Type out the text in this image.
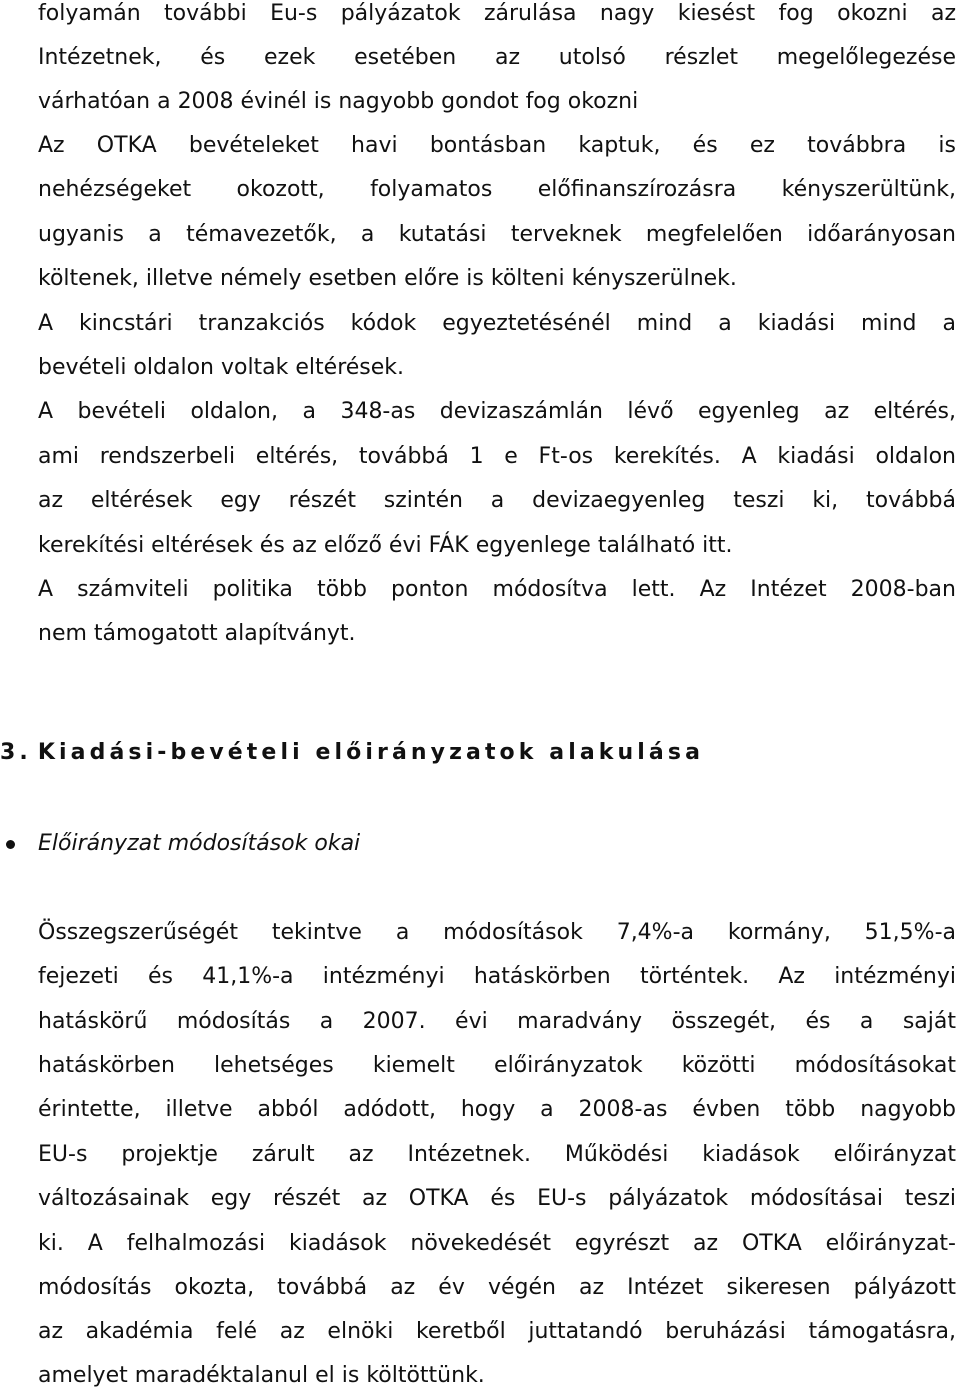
folyamán további Eu-s pályázatok zárulása nagy kiesést fog okozni az
Intézetnek, és ezek esetében az utolsó részlet megelőlegezése
várhatóan a 2008 évinél is nagyobb gondot fog okozni
Az OTKA bevételeket havi bontásban kaptuk, és ez továbbra is
nehézségeket okozott, folyamatos előfinanszírozásra kényszerültünk,
ugyanis a témavezetők, a kutatási terveknek megfelelően időarányosan
költenek, illetve némely esetben előre is költeni kényszerülnek.
A kincstári tranzakciós kódok egyeztetésénél mind a kiadási mind a
bevételi oldalon voltak eltérések.
A bevételi oldalon, a 348-as devizaszámlán lévő egyenleg az eltérés,
ami rendszerbeli eltérés, továbbá 1 e Ft-os kerekítés. A kiadási oldalon
az eltérések egy részét szintén a devizaegyenleg teszi ki, továbbá
kerekítési eltérések és az előző évi FÁK egyenlege található itt.
A számviteli politika több ponton módosítva lett. Az Intézet 2008-ban
nem támogatott alapítványt.
3. Kiadási-bevételi előirányzatok alakulása
Előirányzat módosítások okai
Összegszerűségét tekintve a módosítások 7,4%-a kormány, 51,5%-a
fejezeti és 41,1%-a intézményi hatáskörben történtek. Az intézményi
hatáskörű módosítás a 2007. évi maradvány összegét, és a saját
hatáskörben lehetséges kiemelt előirányzatok közötti módosításokat
érintette, illetve abból adódott, hogy a 2008-as évben több nagyobb
EU-s projektje zárult az Intézetnek. Működési kiadások előirányzat
változásainak egy részét az OTKA és EU-s pályázatok módosításai teszi
ki. A felhalmozási kiadások növekedését egyrészt az OTKA előirányzat-
módosítás okozta, továbbá az év végén az Intézet sikeresen pályázott
az akadémia felé az elnöki keretből juttatandó beruházási támogatásra,
amelyet maradéktalanul el is költöttünk.
